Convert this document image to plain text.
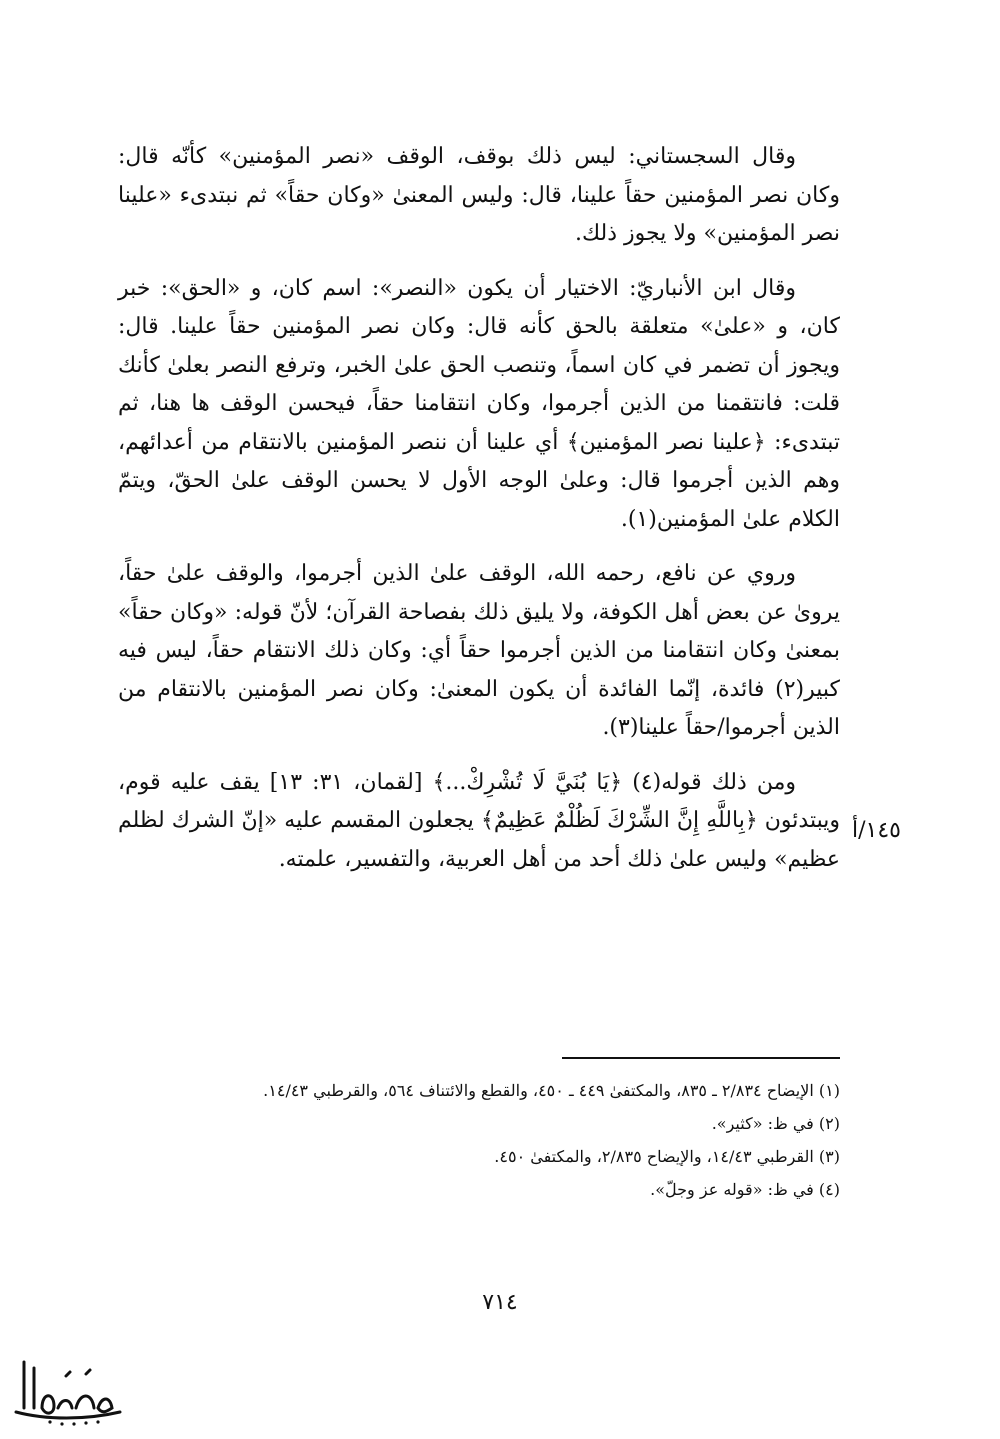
وقال السجستاني: ليس ذلك بوقف، الوقف «نصر المؤمنين» كأنّه قال: وكان نصر المؤمنين حقاً علينا، قال: وليس المعنىٰ «وكان حقاً» ثم نبتدىء «علينا نصر المؤمنين» ولا يجوز ذلك.

وقال ابن الأنباريّ: الاختيار أن يكون «النصر»: اسم كان، و «الحق»: خبر كان، و «علىٰ» متعلقة بالحق كأنه قال: وكان نصر المؤمنين حقاً علينا. قال: ويجوز أن تضمر في كان اسماً، وتنصب الحق علىٰ الخبر، وترفع النصر بعلىٰ كأنك قلت: فانتقمنا من الذين أجرموا، وكان انتقامنا حقاً، فيحسن الوقف ها هنا، ثم تبتدىء: ﴿علينا نصر المؤمنين﴾ أي علينا أن ننصر المؤمنين بالانتقام من أعدائهم، وهم الذين أجرموا قال: وعلىٰ الوجه الأول لا يحسن الوقف علىٰ الحقّ، ويتمّ الكلام علىٰ المؤمنين(١).

وروي عن نافع، رحمه الله، الوقف علىٰ الذين أجرموا، والوقف علىٰ حقاً، يروىٰ عن بعض أهل الكوفة، ولا يليق ذلك بفصاحة القرآن؛ لأنّ قوله: «وكان حقاً» بمعنىٰ وكان انتقامنا من الذين أجرموا حقاً أي: وكان ذلك الانتقام حقاً، ليس فيه كبير(٢) فائدة، إنّما الفائدة أن يكون المعنىٰ: وكان نصر المؤمنين بالانتقام من الذين أجرموا/حقاً علينا(٣).

ومن ذلك قوله(٤) ﴿يَا بُنَيَّ لَا تُشْرِكْ...﴾ [لقمان، ٣١: ١٣] يقف عليه قوم، ويبتدئون ﴿بِاللَّهِ إِنَّ الشِّرْكَ لَظُلْمٌ عَظِيمٌ﴾ يجعلون المقسم عليه «إنّ الشرك لظلم عظيم» وليس علىٰ ذلك أحد من أهل العربية، والتفسير، علمته.

١٤٥/أ

(١) الإيضاح ٢/٨٣٤ ـ ٨٣٥، والمكتفىٰ ٤٤٩ ـ ٤٥٠، والقطع والائتناف ٥٦٤، والقرطبي ١٤/٤٣.

(٢) في ظ: «كثير».

(٣) القرطبي ١٤/٤٣، والإيضاح ٢/٨٣٥، والمكتفىٰ ٤٥٠.

(٤) في ظ: «قوله عز وجلّ».

٧١٤
